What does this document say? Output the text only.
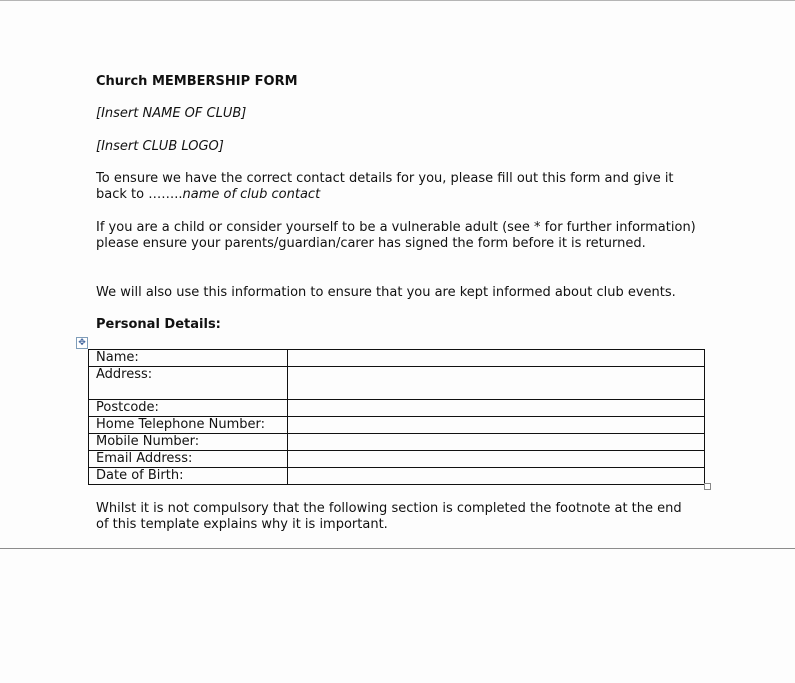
Church MEMBERSHIP FORM

[Insert NAME OF CLUB]

[Insert CLUB LOGO]

To ensure we have the correct contact details for you, please fill out this form and give it
back to ……..name of club contact

If you are a child or consider yourself to be a vulnerable adult (see * for further information) please ensure your parents/guardian/carer has signed the form before it is returned.

We will also use this information to ensure that you are kept informed about club events.

Personal Details:

Whilst it is not compulsory that the following section is completed the footnote at the end of this template explains why it is important.

✥
Name:	
Address:	
Postcode:	
Home Telephone Number:	
Mobile Number:	
Email Address:	
Date of Birth:	
